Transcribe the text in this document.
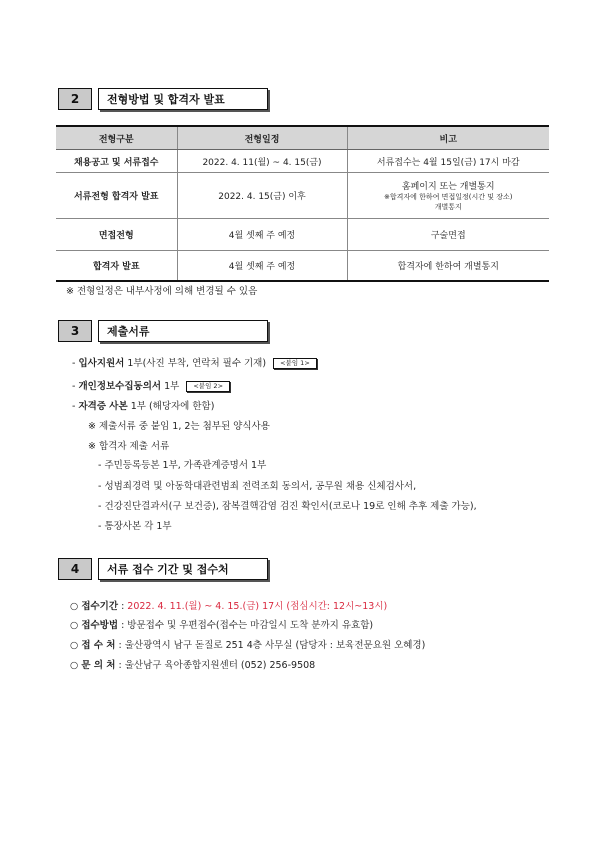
2	전형방법 및 합격자 발표
전형구분	전형일정	비고
채용공고 및 서류접수	2022. 4. 11(월) ~ 4. 15(금)	서류접수는 4월 15일(금) 17시 마감
서류전형 합격자 발표	2022. 4. 15(금) 이후	홈페이지 또는 개별통지
※합격자에 한하여 면접일정(시간 및 장소)
개별통지

면접전형	4월 셋째 주 예정	구술면접
합격자 발표	4월 셋째 주 예정	합격자에 한하여 개별통지
※ 전형일정은 내부사정에 의해 변경될 수 있음
3	제출서류
- 입사지원서 1부(사진 부착, 연락처 필수 기재) <붙임 1>
- 개인정보수집동의서 1부 <붙임 2>
- 자격증 사본 1부 (해당자에 한함)
※ 제출서류 중 붙임 1, 2는 첨부된 양식사용
※ 합격자 제출 서류
- 주민등록등본 1부, 가족관계증명서 1부
- 성범죄경력 및 아동학대관련범죄 전력조회 동의서, 공무원 채용 신체검사서,
- 건강진단결과서(구 보건증), 잠복결핵감염 검진 확인서(코로나 19로 인해 추후 제출 가능),
- 통장사본 각 1부
4	서류 접수 기간 및 접수처
○ 접수기간 : 2022. 4. 11.(월) ~ 4. 15.(금) 17시 (점심시간: 12시~13시)
○ 접수방법 : 방문접수 및 우편접수(접수는 마감일시 도착 분까지 유효함)
○ 접 수 처 : 울산광역시 남구 돋질로 251 4층 사무실 (담당자 : 보육전문요원 오혜경)
○ 문 의 처 : 울산남구 육아종합지원센터 (052) 256-9508
